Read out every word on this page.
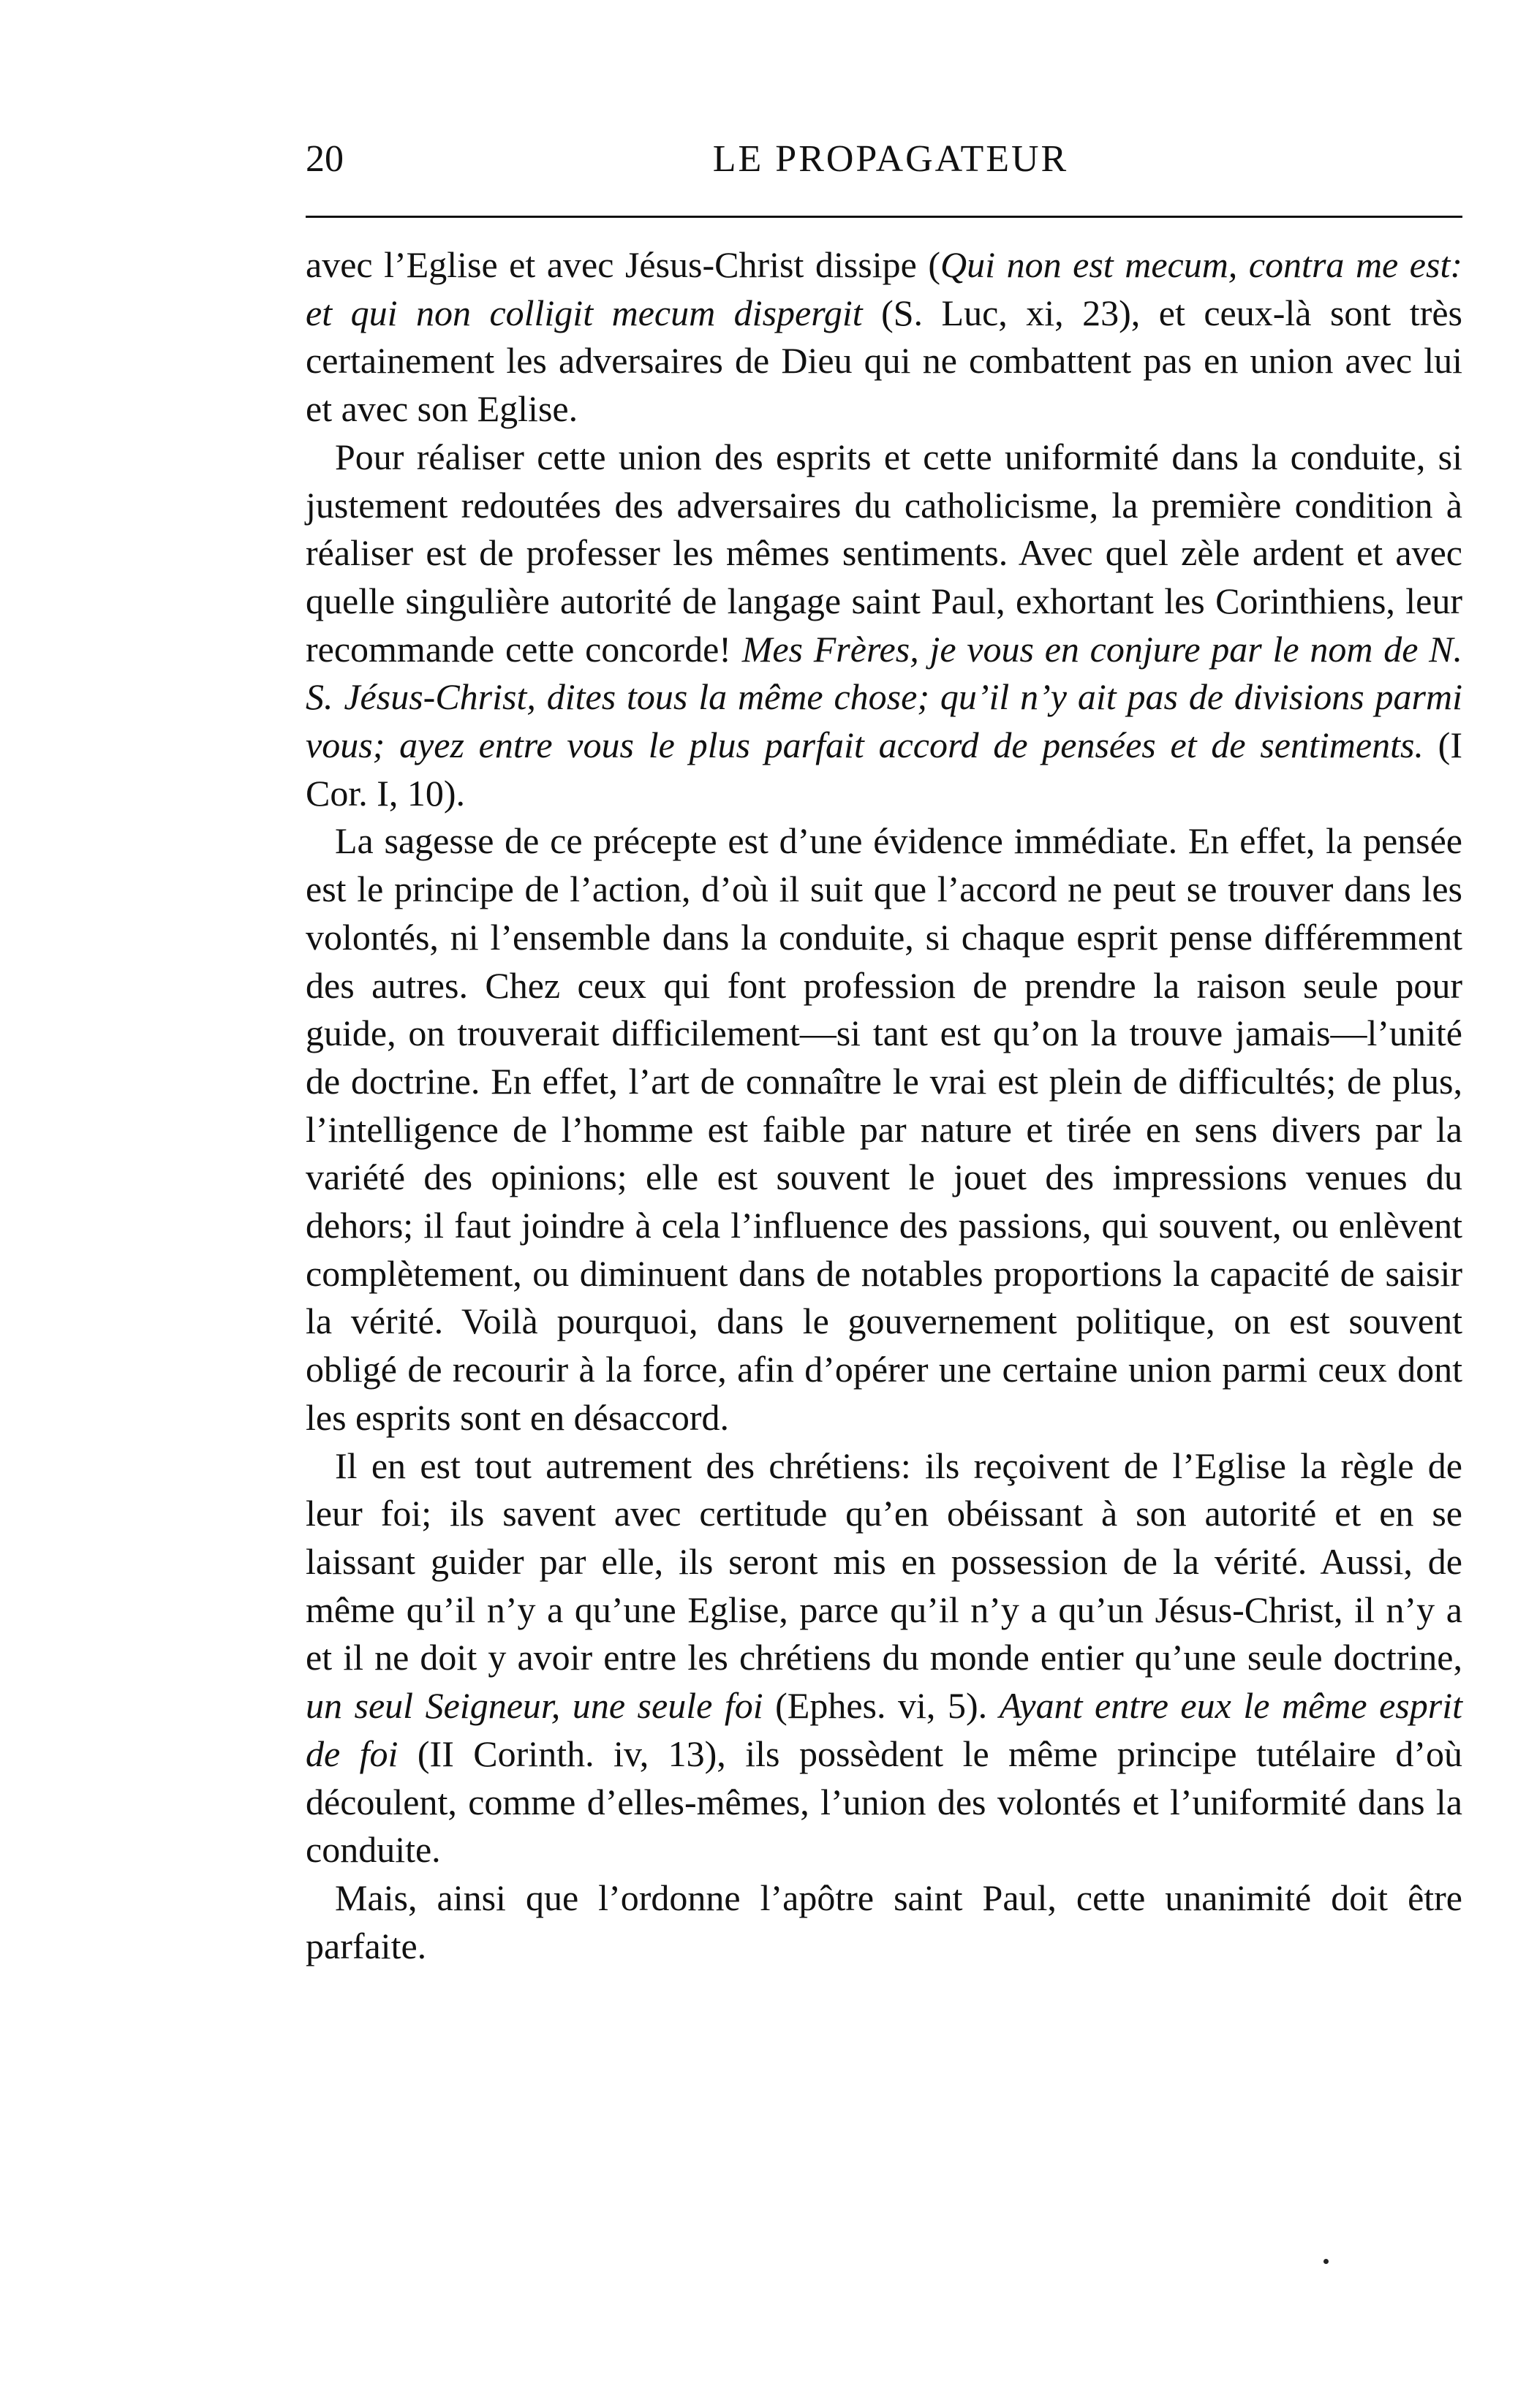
20	LE PROPAGATEUR

avec l’Eglise et avec Jésus-Christ dissipe (Qui non est mecum, contra me est: et qui non colligit mecum dispergit (S. Luc, xi, 23), et ceux-là sont très certainement les adversaires de Dieu qui ne combattent pas en union avec lui et avec son Eglise.

Pour réaliser cette union des esprits et cette uniformité dans la conduite, si justement redoutées des adversaires du catholicisme, la première condition à réaliser est de professer les mêmes sentiments. Avec quel zèle ardent et avec quelle singulière autorité de langage saint Paul, exhortant les Corinthiens, leur recommande cette concorde! Mes Frères, je vous en conjure par le nom de N. S. Jésus-Christ, dites tous la même chose; qu’il n’y ait pas de divisions parmi vous; ayez entre vous le plus parfait accord de pensées et de sentiments. (I Cor. I, 10).

La sagesse de ce précepte est d’une évidence immédiate. En effet, la pensée est le principe de l’action, d’où il suit que l’accord ne peut se trouver dans les volontés, ni l’ensemble dans la conduite, si chaque esprit pense différemment des autres. Chez ceux qui font profession de prendre la raison seule pour guide, on trouverait difficilement—si tant est qu’on la trouve jamais—l’unité de doctrine. En effet, l’art de connaître le vrai est plein de difficultés; de plus, l’intelligence de l’homme est faible par nature et tirée en sens divers par la variété des opinions; elle est souvent le jouet des impressions venues du dehors; il faut joindre à cela l’influence des passions, qui souvent, ou enlèvent complètement, ou diminuent dans de notables proportions la capacité de saisir la vérité. Voilà pourquoi, dans le gouvernement politique, on est souvent obligé de recourir à la force, afin d’opérer une certaine union parmi ceux dont les esprits sont en désaccord.

Il en est tout autrement des chrétiens: ils reçoivent de l’Eglise la règle de leur foi; ils savent avec certitude qu’en obéissant à son autorité et en se laissant guider par elle, ils seront mis en possession de la vérité. Aussi, de même qu’il n’y a qu’une Eglise, parce qu’il n’y a qu’un Jésus-Christ, il n’y a et il ne doit y avoir entre les chrétiens du monde entier qu’une seule doctrine, un seul Seigneur, une seule foi (Ephes. vi, 5). Ayant entre eux le même esprit de foi (II Corinth. iv, 13), ils possèdent le même principe tutélaire d’où découlent, comme d’elles-mêmes, l’union des volontés et l’uniformité dans la conduite.

Mais, ainsi que l’ordonne l’apôtre saint Paul, cette unanimité doit être parfaite.
